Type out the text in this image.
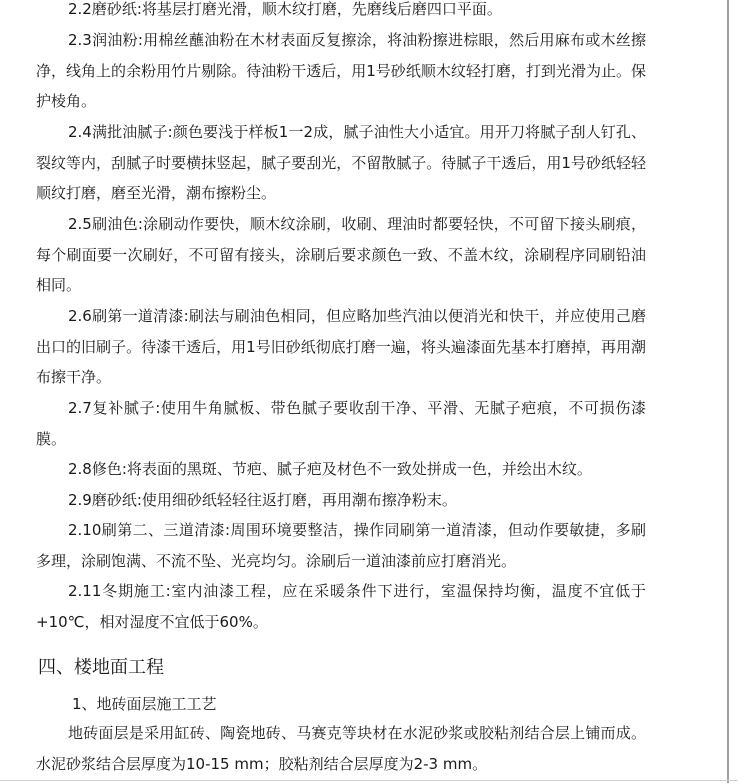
2.2磨砂纸:将基层打磨光滑，顺木纹打磨，先磨线后磨四口平面。

2.3润油粉:用棉丝蘸油粉在木材表面反复擦涂，将油粉擦进棕眼，然后用麻布或木丝擦净，线角上的余粉用竹片剔除。待油粉干透后，用1号砂纸顺木纹轻打磨，打到光滑为止。保护棱角。

2.4满批油腻子:颜色要浅于样板1一2成，腻子油性大小适宜。用开刀将腻子刮人钉孔、裂纹等内，刮腻子时要横抹竖起，腻子要刮光，不留散腻子。待腻子干透后，用1号砂纸轻轻顺纹打磨，磨至光滑，潮布擦粉尘。

2.5刷油色:涂刷动作要快，顺木纹涂刷，收刷、理油时都要轻快，不可留下接头刷痕，每个刷面要一次刷好，不可留有接头，涂刷后要求颜色一致、不盖木纹，涂刷程序同刷铅油相同。

2.6刷第一道清漆:刷法与刷油色相同，但应略加些汽油以便消光和快干，并应使用己磨出口的旧刷子。待漆干透后，用1号旧砂纸彻底打磨一遍，将头遍漆面先基本打磨掉，再用潮布擦干净。

2.7复补腻子:使用牛角腻板、带色腻子要收刮干净、平滑、无腻子疤痕，不可损伤漆膜。

2.8修色:将表面的黑斑、节疤、腻子疤及材色不一致处拼成一色，并绘出木纹。

2.9磨砂纸:使用细砂纸轻轻往返打磨，再用潮布擦净粉末。

2.10刷第二、三道清漆:周围环境要整洁，操作同刷第一道清漆，但动作要敏捷，多刷多理，涂刷饱满、不流不坠、光亮均匀。涂刷后一道油漆前应打磨消光。

2.11冬期施工:室内油漆工程，应在采暖条件下进行，室温保持均衡，温度不宜低于+10℃，相对湿度不宜低于60%。

四、楼地面工程

1、地砖面层施工工艺

地砖面层是采用缸砖、陶瓷地砖、马赛克等块材在水泥砂浆或胶粘剂结合层上铺而成。水泥砂浆结合层厚度为10-15 mm；胶粘剂结合层厚度为2-3 mm。
